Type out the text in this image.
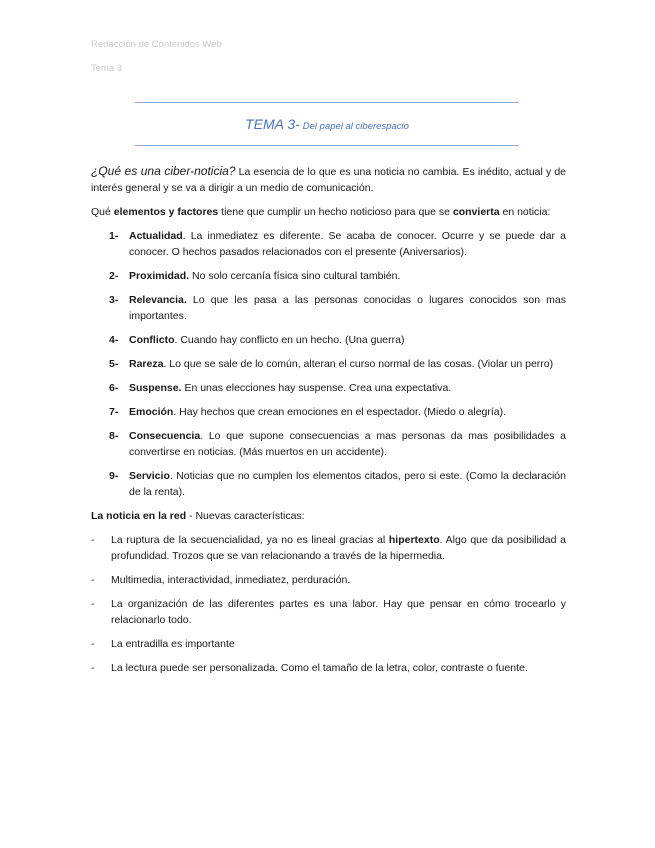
Redacción de Contenidos Web
Tema 3
TEMA 3- Del papel al ciberespacio

¿Qué es una ciber-noticia? La esencia de lo que es una noticia no cambia. Es inédito, actual y de interés general y se va a dirigir a un medio de comunicación.

Qué elementos y factores tiene que cumplir un hecho noticioso para que se convierta en noticia:

1- Actualidad. La inmediatez es diferente. Se acaba de conocer. Ocurre y se puede dar a conocer. O hechos pasados relacionados con el presente (Aniversarios).
2- Proximidad. No solo cercanía física sino cultural también.
3- Relevancia. Lo que les pasa a las personas conocidas o lugares conocidos son mas importantes.
4- Conflicto. Cuando hay conflicto en un hecho. (Una guerra)
5- Rareza. Lo que se sale de lo común, alteran el curso normal de las cosas. (Violar un perro)
6- Suspense. En unas elecciones hay suspense. Crea una expectativa.
7- Emoción. Hay hechos que crean emociones en el espectador. (Miedo o alegría).
8- Consecuencia. Lo que supone consecuencias a mas personas da mas posibilidades a convertirse en noticias. (Más muertos en un accidente).
9- Servicio. Noticias que no cumplen los elementos citados, pero si este. (Como la declaración de la renta).

La noticia en la red - Nuevas características:

- La ruptura de la secuencialidad, ya no es lineal gracias al hipertexto. Algo que da posibilidad a profundidad. Trozos que se van relacionando a través de la hipermedia.
- Multimedia, interactividad, inmediatez, perduración.
- La organización de las diferentes partes es una labor. Hay que pensar en cómo trocearlo y relacionarlo todo.
- La entradilla es importante
- La lectura puede ser personalizada. Como el tamaño de la letra, color, contraste o fuente.
